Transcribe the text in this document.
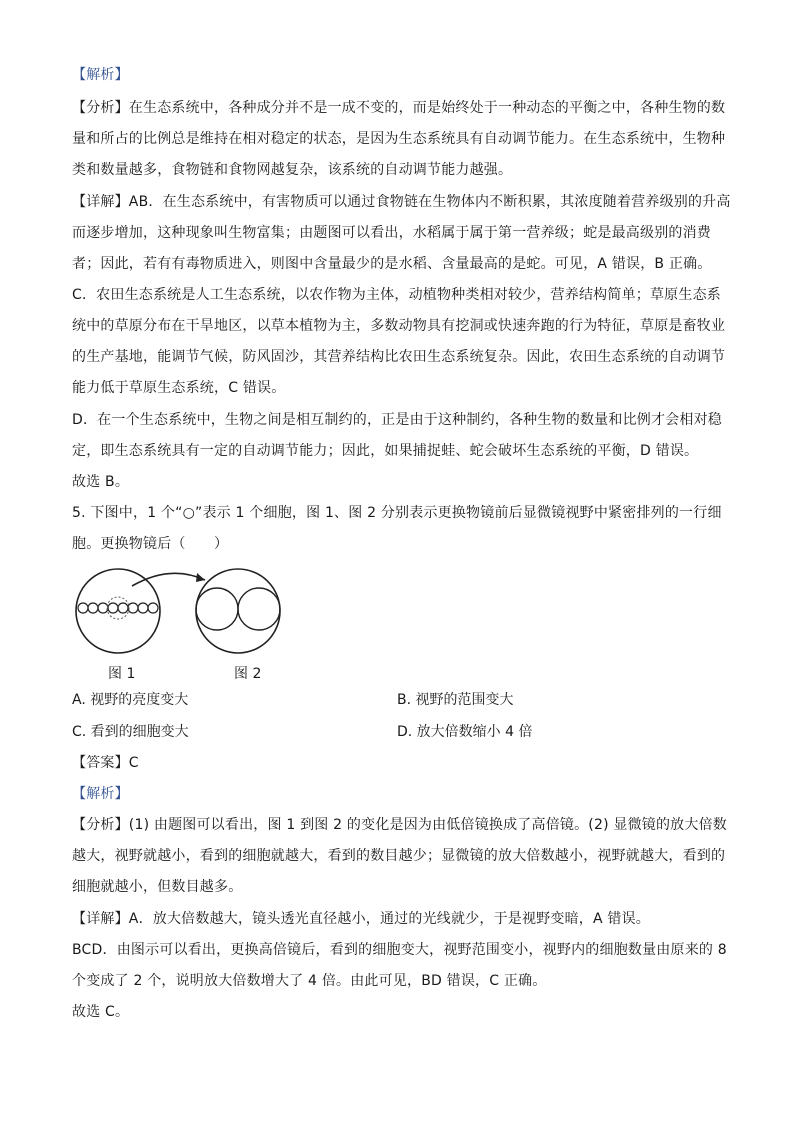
【解析】
【分析】在生态系统中，各种成分并不是一成不变的，而是始终处于一种动态的平衡之中，各种生物的数
量和所占的比例总是维持在相对稳定的状态，是因为生态系统具有自动调节能力。在生态系统中，生物种
类和数量越多，食物链和食物网越复杂，该系统的自动调节能力越强。
【详解】AB．在生态系统中，有害物质可以通过食物链在生物体内不断积累，其浓度随着营养级别的升高
而逐步增加，这种现象叫生物富集；由题图可以看出，水稻属于属于第一营养级；蛇是最高级别的消费
者；因此，若有有毒物质进入，则图中含量最少的是水稻、含量最高的是蛇。可见，A 错误，B 正确。
C．农田生态系统是人工生态系统，以农作物为主体，动植物种类相对较少，营养结构简单；草原生态系
统中的草原分布在干旱地区，以草本植物为主，多数动物具有挖洞或快速奔跑的行为特征，草原是畜牧业
的生产基地，能调节气候，防风固沙，其营养结构比农田生态系统复杂。因此，农田生态系统的自动调节
能力低于草原生态系统，C 错误。
D．在一个生态系统中，生物之间是相互制约的，正是由于这种制约，各种生物的数量和比例才会相对稳
定，即生态系统具有一定的自动调节能力；因此，如果捕捉蛙、蛇会破坏生态系统的平衡，D 错误。
故选 B。
5. 下图中，1 个“○”表示 1 个细胞，图 1、图 2 分别表示更换物镜前后显微镜视野中紧密排列的一行细
胞。更换物镜后（　　）
图 1	图 2
A. 视野的亮度变大	B. 视野的范围变大
C. 看到的细胞变大	D. 放大倍数缩小 4 倍
【答案】C
【解析】
【分析】(1) 由题图可以看出，图 1 到图 2 的变化是因为由低倍镜换成了高倍镜。(2) 显微镜的放大倍数
越大，视野就越小，看到的细胞就越大，看到的数目越少；显微镜的放大倍数越小，视野就越大，看到的
细胞就越小，但数目越多。
【详解】A．放大倍数越大，镜头透光直径越小，通过的光线就少，于是视野变暗，A 错误。
BCD．由图示可以看出，更换高倍镜后，看到的细胞变大，视野范围变小，视野内的细胞数量由原来的 8
个变成了 2 个，说明放大倍数增大了 4 倍。由此可见，BD 错误，C 正确。
故选 C。
